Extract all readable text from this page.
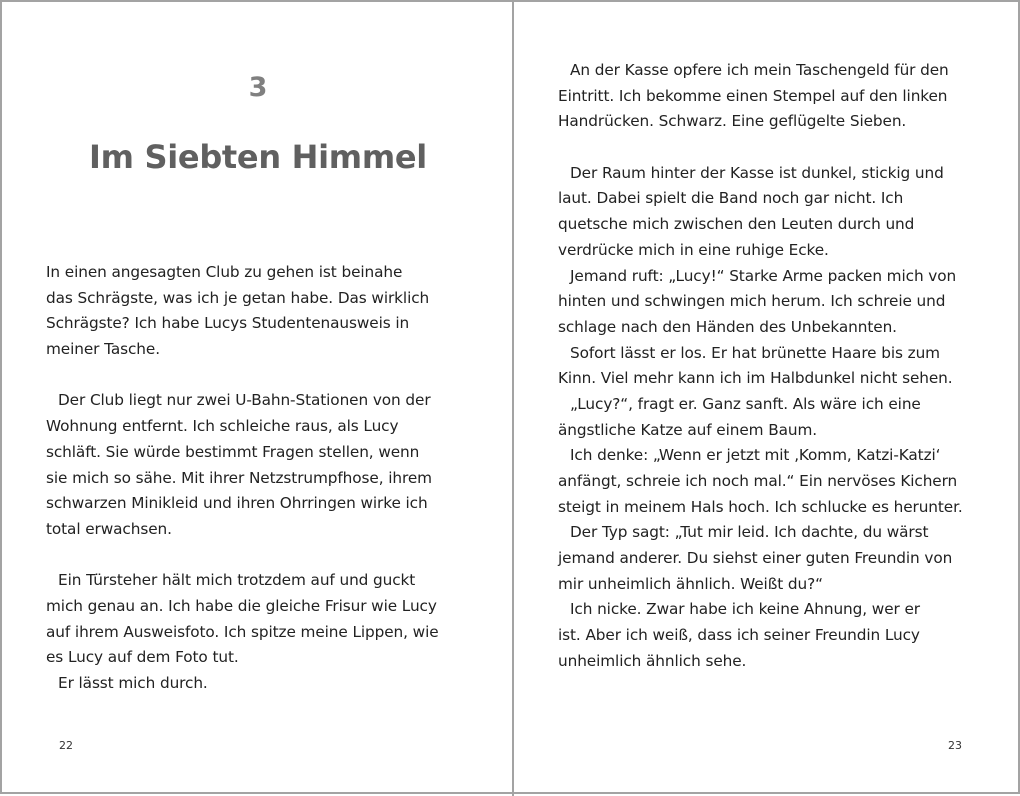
3
Im Siebten Himmel
In einen angesagten Club zu gehen ist beinahe
das Schrägste, was ich je getan habe. Das wirklich
Schrägste? Ich habe Lucys Studentenausweis in
meiner Tasche.
Der Club liegt nur zwei U-Bahn-Stationen von der
Wohnung entfernt. Ich schleiche raus, als Lucy
schläft. Sie würde bestimmt Fragen stellen, wenn
sie mich so sähe. Mit ihrer Netzstrumpfhose, ihrem
schwarzen Minikleid und ihren Ohrringen wirke ich
total erwachsen.
Ein Türsteher hält mich trotzdem auf und guckt
mich genau an. Ich habe die gleiche Frisur wie Lucy
auf ihrem Ausweisfoto. Ich spitze meine Lippen, wie
es Lucy auf dem Foto tut.
Er lässt mich durch.
22
An der Kasse opfere ich mein Taschengeld für den
Eintritt. Ich bekomme einen Stempel auf den linken
Handrücken. Schwarz. Eine geflügelte Sieben.
Der Raum hinter der Kasse ist dunkel, stickig und
laut. Dabei spielt die Band noch gar nicht. Ich
quetsche mich zwischen den Leuten durch und
verdrücke mich in eine ruhige Ecke.
Jemand ruft: „Lucy!“ Starke Arme packen mich von
hinten und schwingen mich herum. Ich schreie und
schlage nach den Händen des Unbekannten.
Sofort lässt er los. Er hat brünette Haare bis zum
Kinn. Viel mehr kann ich im Halbdunkel nicht sehen.
„Lucy?“, fragt er. Ganz sanft. Als wäre ich eine
ängstliche Katze auf einem Baum.
Ich denke: „Wenn er jetzt mit ‚Komm, Katzi-Katzi‘
anfängt, schreie ich noch mal.“ Ein nervöses Kichern
steigt in meinem Hals hoch. Ich schlucke es herunter.
Der Typ sagt: „Tut mir leid. Ich dachte, du wärst
jemand anderer. Du siehst einer guten Freundin von
mir unheimlich ähnlich. Weißt du?“
Ich nicke. Zwar habe ich keine Ahnung, wer er
ist. Aber ich weiß, dass ich seiner Freundin Lucy
unheimlich ähnlich sehe.
23
